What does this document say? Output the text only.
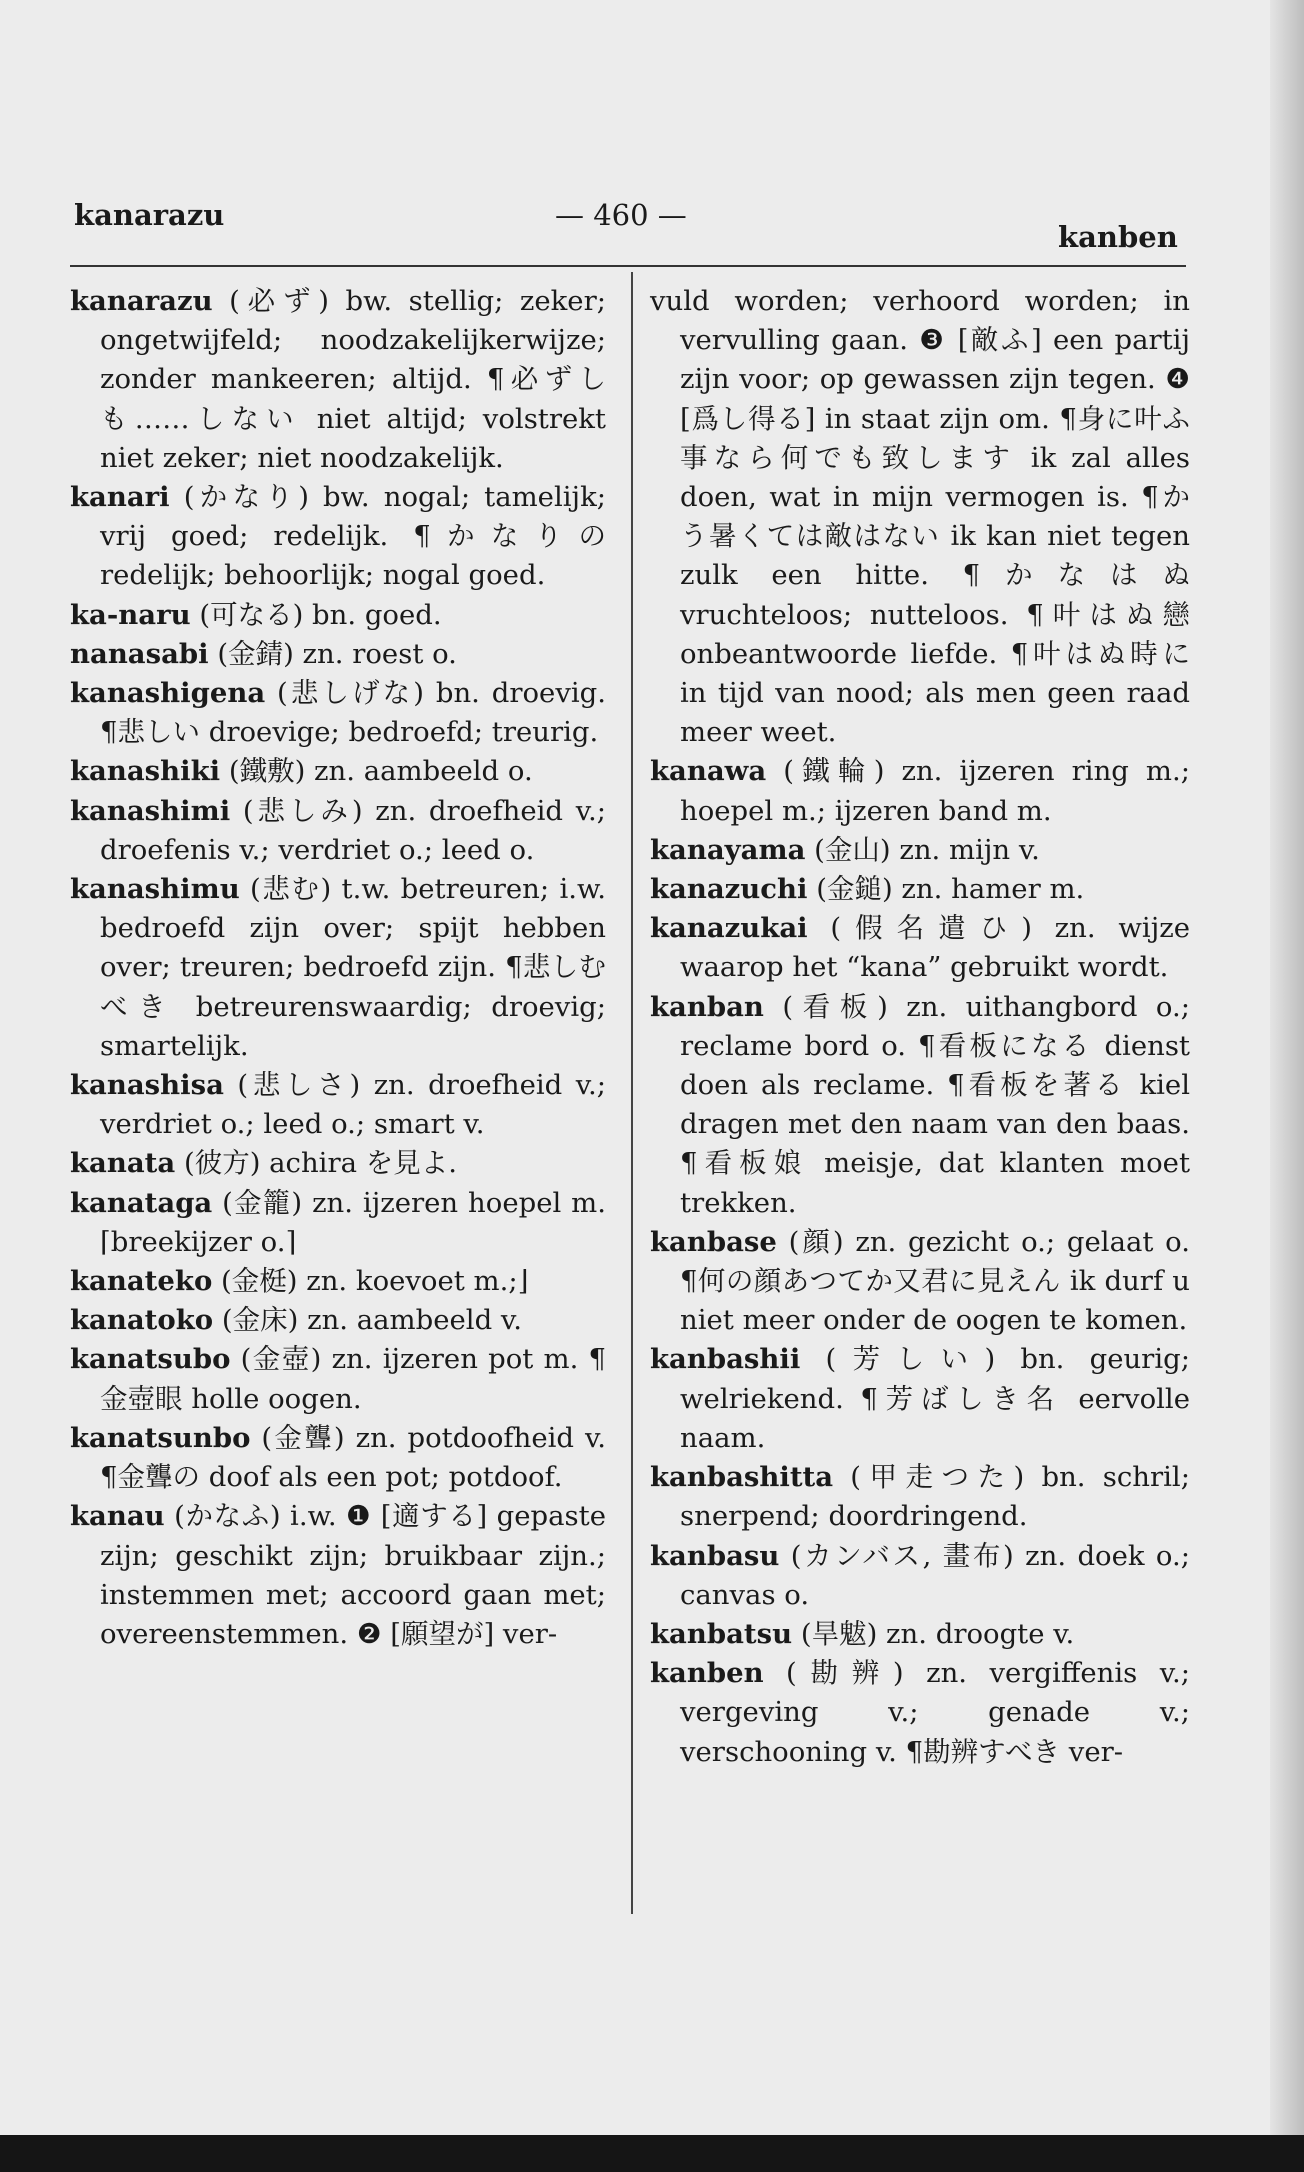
kanarazu	— 460 —
kanben

kanarazu (必ず) bw. stellig; zeker; ongetwijfeld; noodzakelijkerwijze; zonder mankeeren; altijd. ¶必ずしも……しない niet altijd; volstrekt niet zeker; niet noodzakelijk.

kanari (かなり) bw. nogal; tamelijk; vrij goed; redelijk. ¶かなりの redelijk; behoorlijk; nogal goed.

ka-naru (可なる) bn. goed.

nanasabi (金錆) zn. roest o.

kanashigena (悲しげな) bn. droevig. ¶悲しい droevige; bedroefd; treurig.

kanashiki (鐵敷) zn. aambeeld o.

kanashimi (悲しみ) zn. droefheid v.; droefenis v.; verdriet o.; leed o.

kanashimu (悲む) t.w. betreuren; i.w. bedroefd zijn over; spijt hebben over; treuren; bedroefd zijn. ¶悲しむべき betreurenswaardig; droevig; smartelijk.

kanashisa (悲しさ) zn. droefheid v.; verdriet o.; leed o.; smart v.

kanata (彼方) achira を見よ.

kanataga (金籠) zn. ijzeren hoepel m. ⌈breekijzer o.⌉

kanateko (金梃) zn. koevoet m.;⌋

kanatoko (金床) zn. aambeeld v.

kanatsubo (金壺) zn. ijzeren pot m. ¶金壺眼 holle oogen.

kanatsunbo (金聾) zn. potdoofheid v. ¶金聾の doof als een pot; potdoof.

kanau (かなふ) i.w. ❶ [適する] gepaste zijn; geschikt zijn; bruikbaar zijn.; instemmen met; accoord gaan met; overeenstemmen. ❷ [願望が] ver-

vuld worden; verhoord worden; in vervulling gaan. ❸ [敵ふ] een partij zijn voor; op gewassen zijn tegen. ❹ [爲し得る] in staat zijn om. ¶身に叶ふ事なら何でも致します ik zal alles doen, wat in mijn vermogen is. ¶かう暑くては敵はない ik kan niet tegen zulk een hitte. ¶かなはぬ vruchteloos; nutteloos. ¶叶はぬ戀 onbeantwoorde liefde. ¶叶はぬ時に in tijd van nood; als men geen raad meer weet.

kanawa (鐵輪) zn. ijzeren ring m.; hoepel m.; ijzeren band m.

kanayama (金山) zn. mijn v.

kanazuchi (金鎚) zn. hamer m.

kanazukai (假名遣ひ) zn. wijze waarop het “kana” gebruikt wordt.

kanban (看板) zn. uithangbord o.; reclame bord o. ¶看板になる dienst doen als reclame. ¶看板を著る kiel dragen met den naam van den baas. ¶看板娘 meisje, dat klanten moet trekken.

kanbase (顔) zn. gezicht o.; gelaat o. ¶何の顔あつてか又君に見えん ik durf u niet meer onder de oogen te komen.

kanbashii (芳しい) bn. geurig; welriekend. ¶芳ばしき名 eervolle naam.

kanbashitta (甲走つた) bn. schril; snerpend; doordringend.

kanbasu (カンバス, 畫布) zn. doek o.; canvas o.

kanbatsu (旱魃) zn. droogte v.

kanben (勘辨) zn. vergiffenis v.; vergeving v.; genade v.; verschooning v. ¶勘辨すべき ver-
